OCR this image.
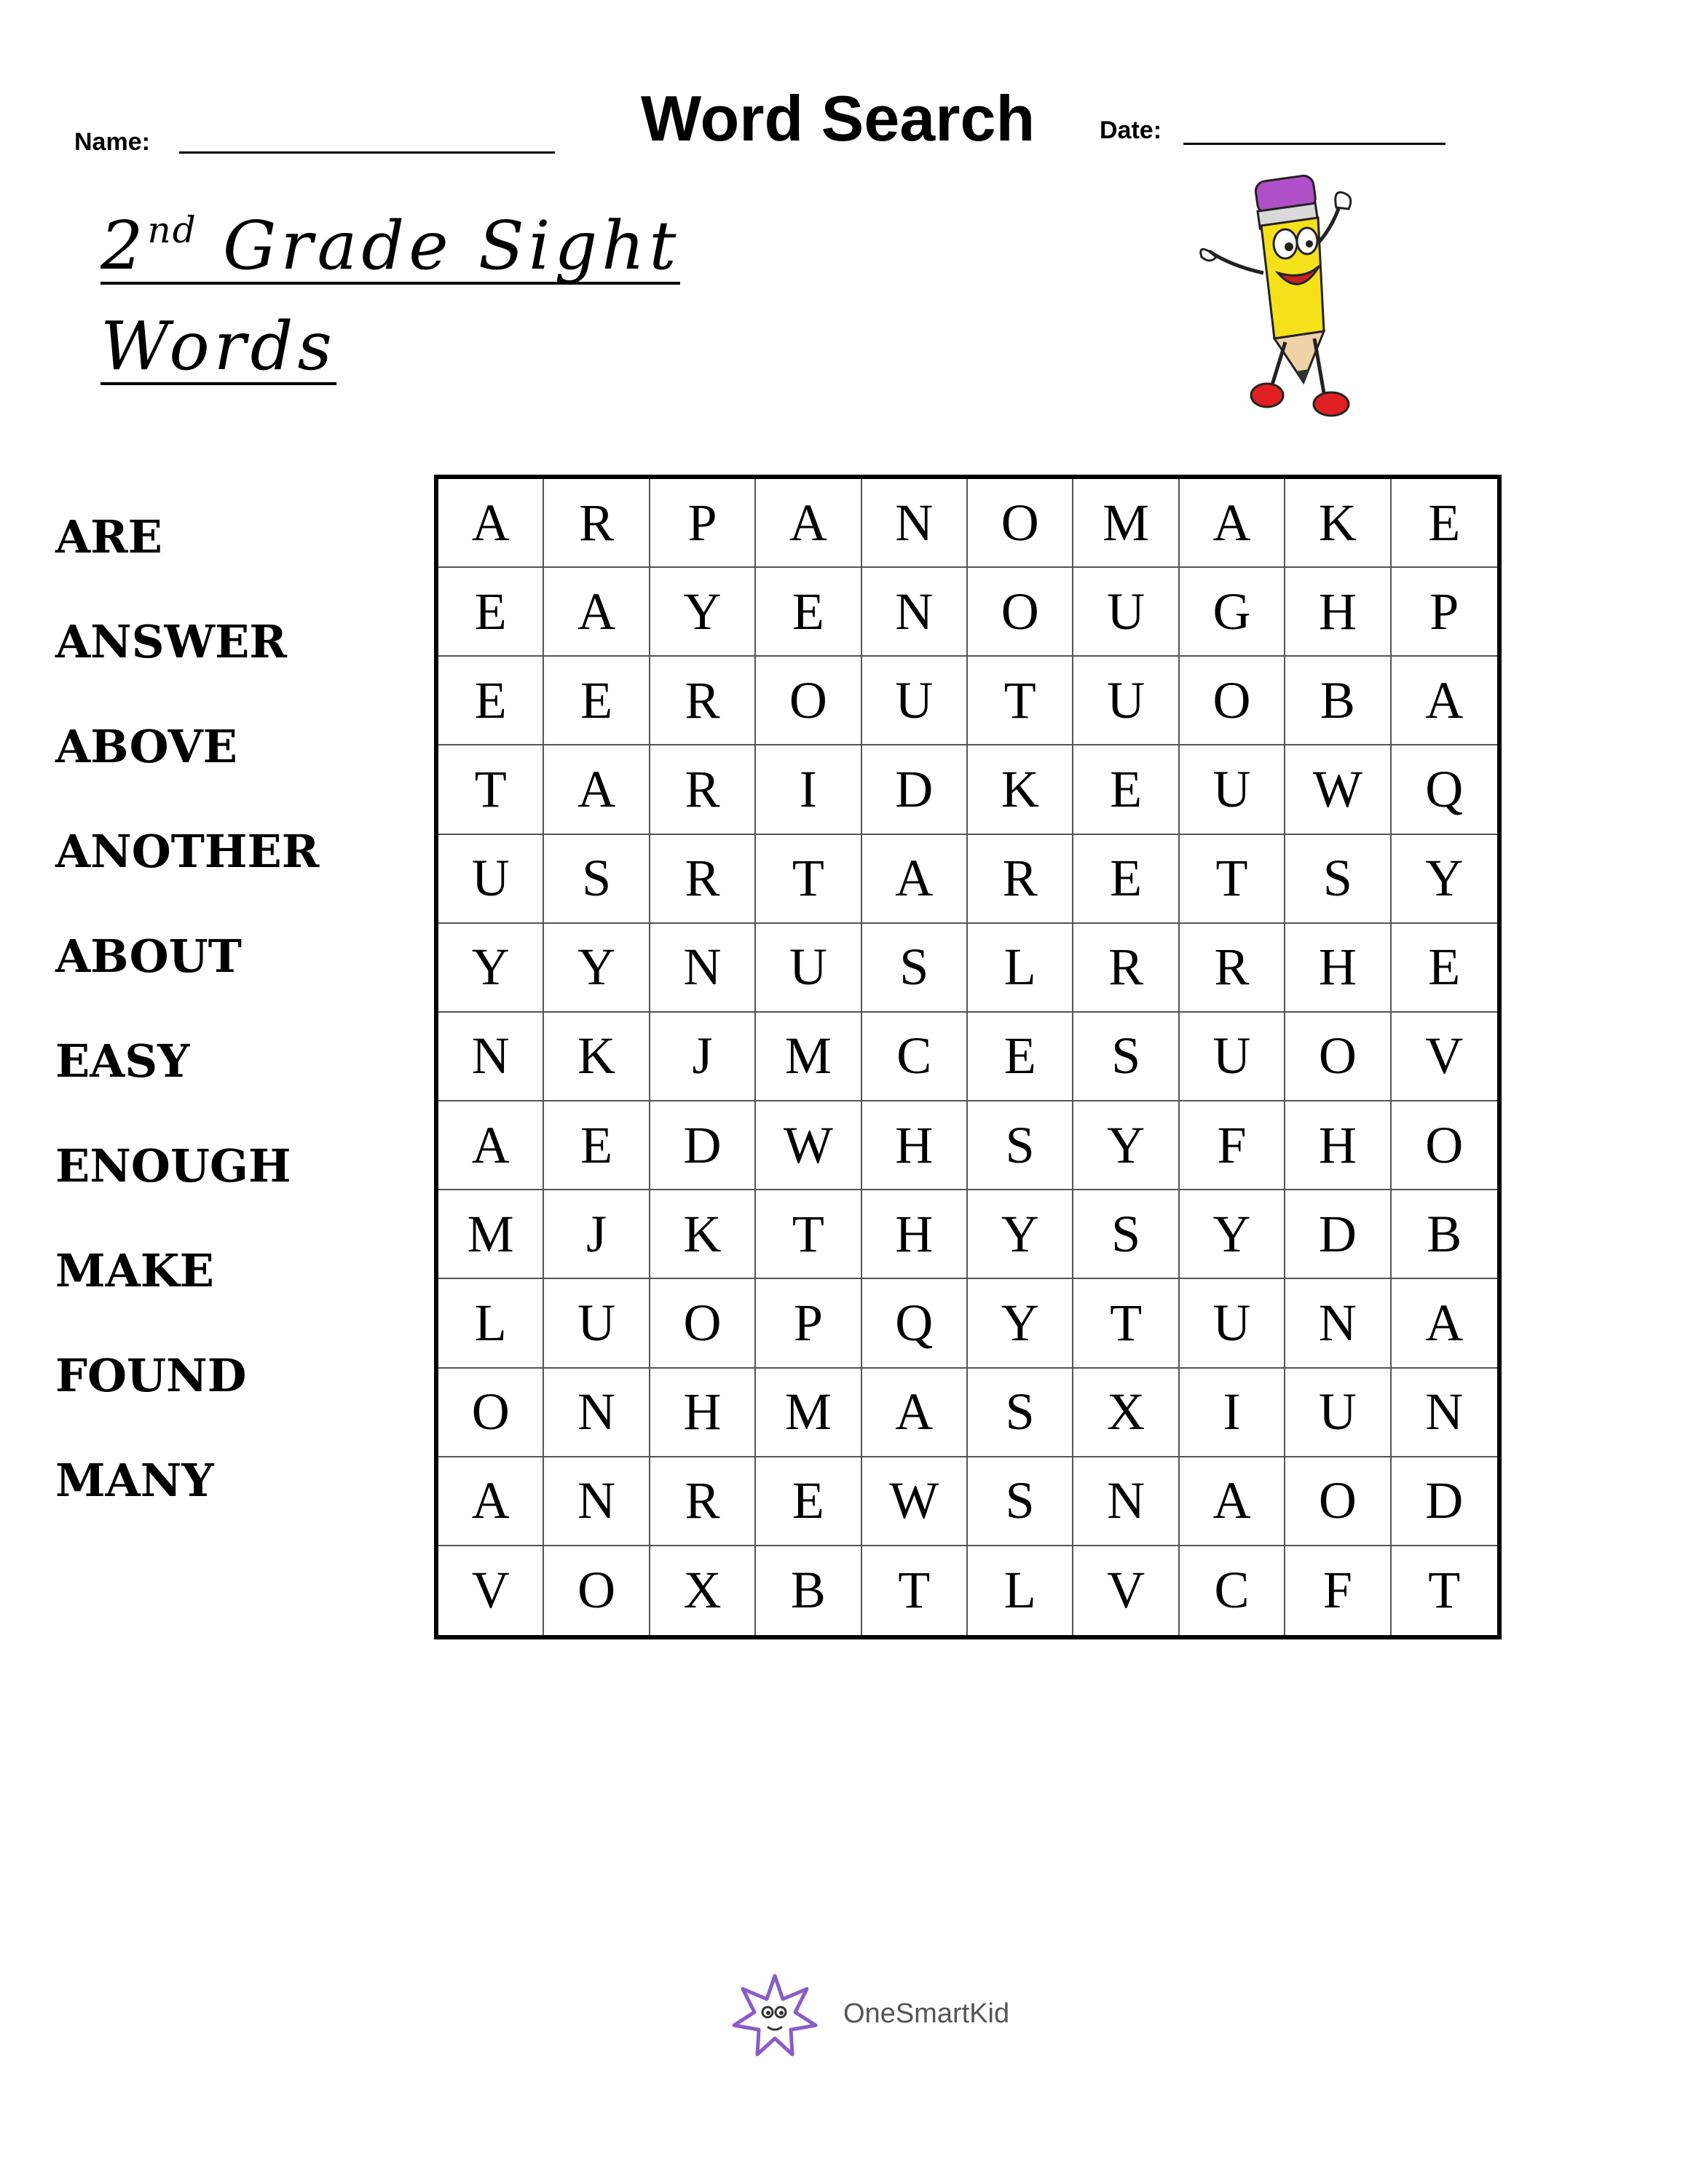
Name:	Word Search	Date:
2nd Grade Sight
Words
ARE
ANSWER
ABOVE
ANOTHER
ABOUT
EASY
ENOUGH
MAKE
FOUND
MANY
A	R	P	A	N	O	M	A	K	E
E	A	Y	E	N	O	U	G	H	P
E	E	R	O	U	T	U	O	B	A
T	A	R	I	D	K	E	U	W	Q
U	S	R	T	A	R	E	T	S	Y
Y	Y	N	U	S	L	R	R	H	E
N	K	J	M	C	E	S	U	O	V
A	E	D	W	H	S	Y	F	H	O
M	J	K	T	H	Y	S	Y	D	B
L	U	O	P	Q	Y	T	U	N	A
O	N	H	M	A	S	X	I	U	N
A	N	R	E	W	S	N	A	O	D
V	O	X	B	T	L	V	C	F	T
OneSmartKid
